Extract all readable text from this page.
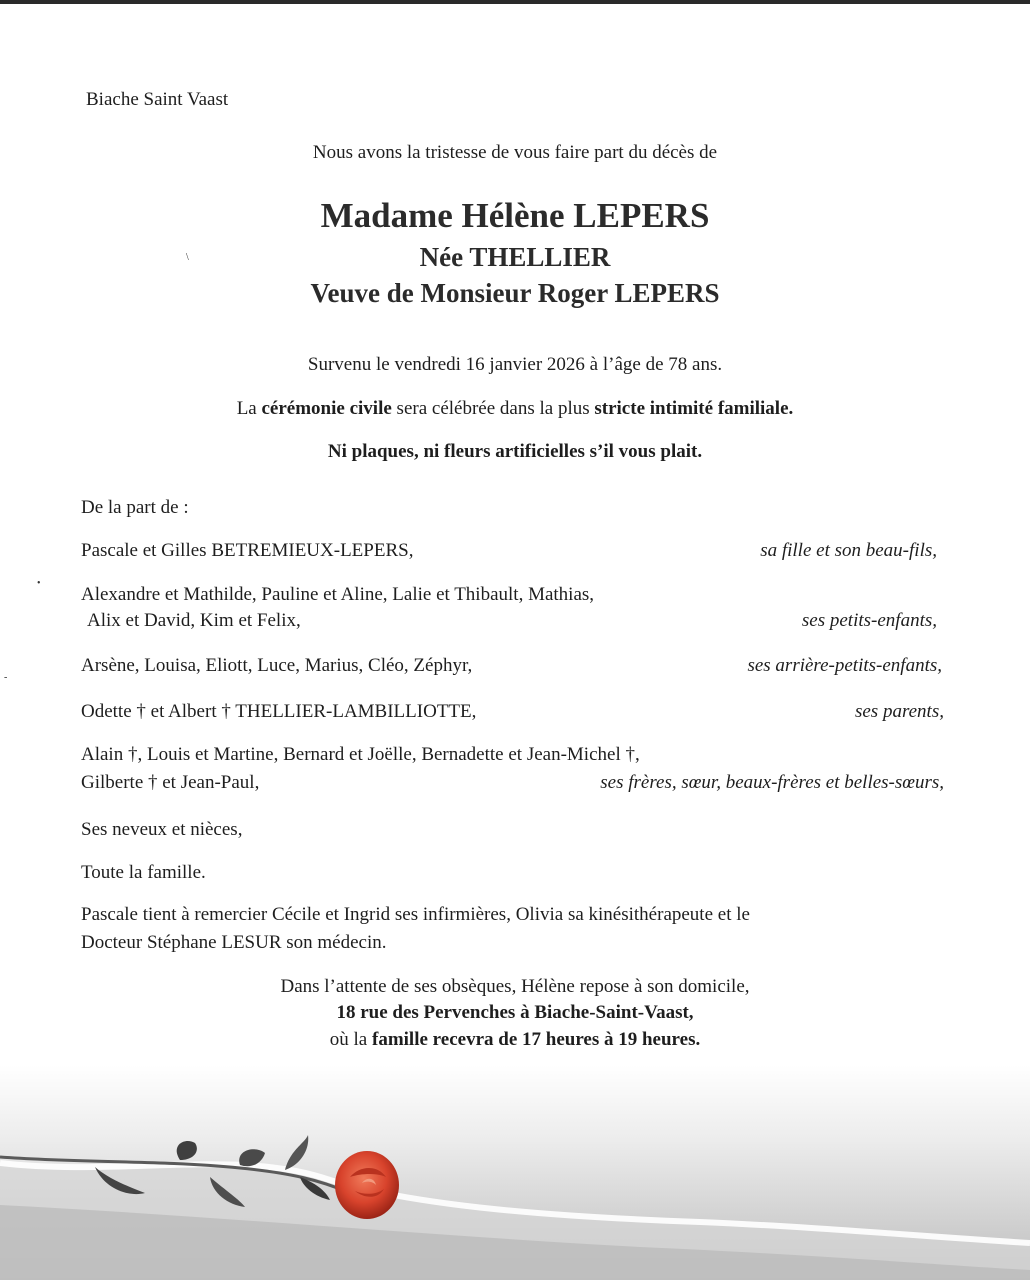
Biache Saint Vaast
Nous avons la tristesse de vous faire part du décès de
Madame Hélène LEPERS
Née THELLIER
Veuve de Monsieur Roger LEPERS
Survenu le vendredi 16 janvier 2026 à l’âge de 78 ans.
La cérémonie civile sera célébrée dans la plus stricte intimité familiale.
Ni plaques, ni fleurs artificielles s’il vous plait.
De la part de :
Pascale et Gilles BETREMIEUX-LEPERS,	sa fille et son beau-fils,
Alexandre et Mathilde, Pauline et Aline, Lalie et Thibault, Mathias,
Alix et David, Kim et Felix,	ses petits-enfants,
Arsène, Louisa, Eliott, Luce, Marius, Cléo, Zéphyr,	ses arrière-petits-enfants,
Odette † et Albert † THELLIER-LAMBILLIOTTE,	ses parents,
Alain †, Louis et Martine, Bernard et Joëlle, Bernadette et Jean-Michel †,
Gilberte † et Jean-Paul,	ses frères, sœur, beaux-frères et belles-sœurs,
Ses neveux et nièces,
Toute la famille.
Pascale tient à remercier Cécile et Ingrid ses infirmières, Olivia sa kinésithérapeute et le
Docteur Stéphane LESUR son médecin.
Dans l’attente de ses obsèques, Hélène repose à son domicile,
18 rue des Pervenches à Biache-Saint-Vaast,
où la famille recevra de 17 heures à 19 heures.
\
•
-
